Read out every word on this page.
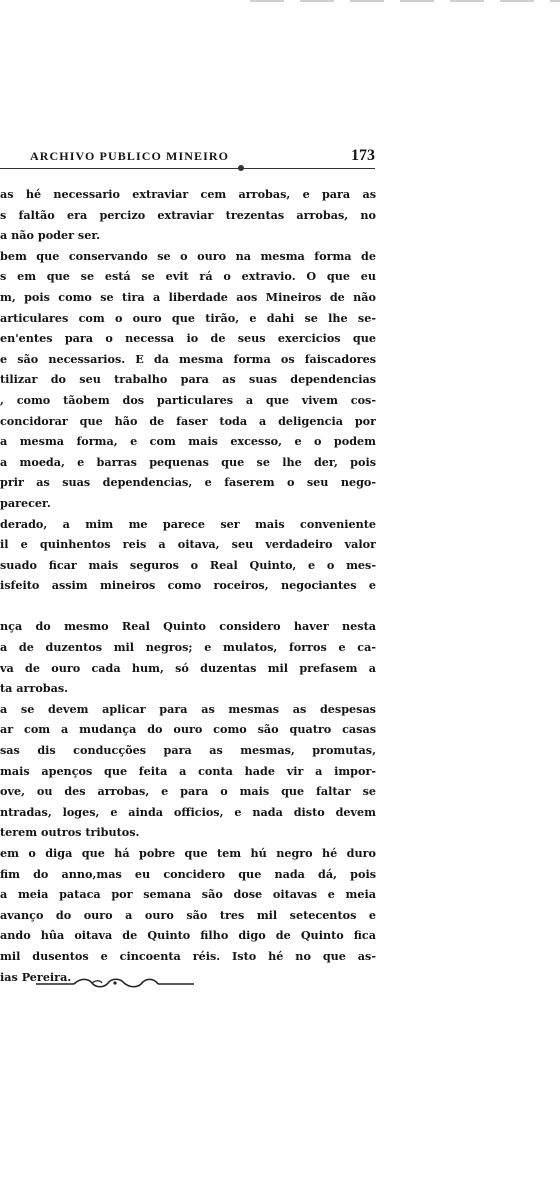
ARCHIVO PUBLICO MINEIRO	173
as hé necessario extraviar cem arrobas, e para as
s faltão era percizo extraviar trezentas arrobas, no
a não poder ser.
bem que conservando se o ouro na mesma forma de
s em que se está se evit rá o extravio. O que eu
m, pois como se tira a liberdade aos Mineiros de não
articulares com o ouro que tirão, e dahi se lhe se-
en'entes para o necessa io de seus exercicios que
e são necessarios. E da mesma forma os faiscadores
tilizar do seu trabalho para as suas dependencias
, como tãobem dos particulares a que vivem cos-
concidorar que hão de faser toda a deligencia por
a mesma forma, e com mais excesso, e o podem
a moeda, e barras pequenas que se lhe der, pois
prir as suas dependencias, e faserem o seu nego-
parecer.
derado, a mim me parece ser mais conveniente
il e quinhentos reis a oitava, seu verdadeiro valor
suado ficar mais seguros o Real Quinto, e o mes-
isfeito assim mineiros como roceiros, negociantes e
nça do mesmo Real Quinto considero haver nesta
a de duzentos mil negros; e mulatos, forros e ca-
va de ouro cada hum, só duzentas mil prefasem a
ta arrobas.
a se devem aplicar para as mesmas as despesas
ar com a mudança do ouro como são quatro casas
sas dis conducções para as mesmas, promutas,
mais apenços que feita a conta hade vir a impor-
ove, ou des arrobas, e para o mais que faltar se
ntradas, loges, e ainda officios, e nada disto devem
terem outros tributos.
em o diga que há pobre que tem hú negro hé duro
fim do anno,mas eu concidero que nada dá, pois
a meia pataca por semana são dose oitavas e meia
avanço do ouro a ouro são tres mil setecentos e
ando hûa oitava de Quinto filho digo de Quinto fica
mil dusentos e cincoenta réis. Isto hé no que as-
ias Pereira.
